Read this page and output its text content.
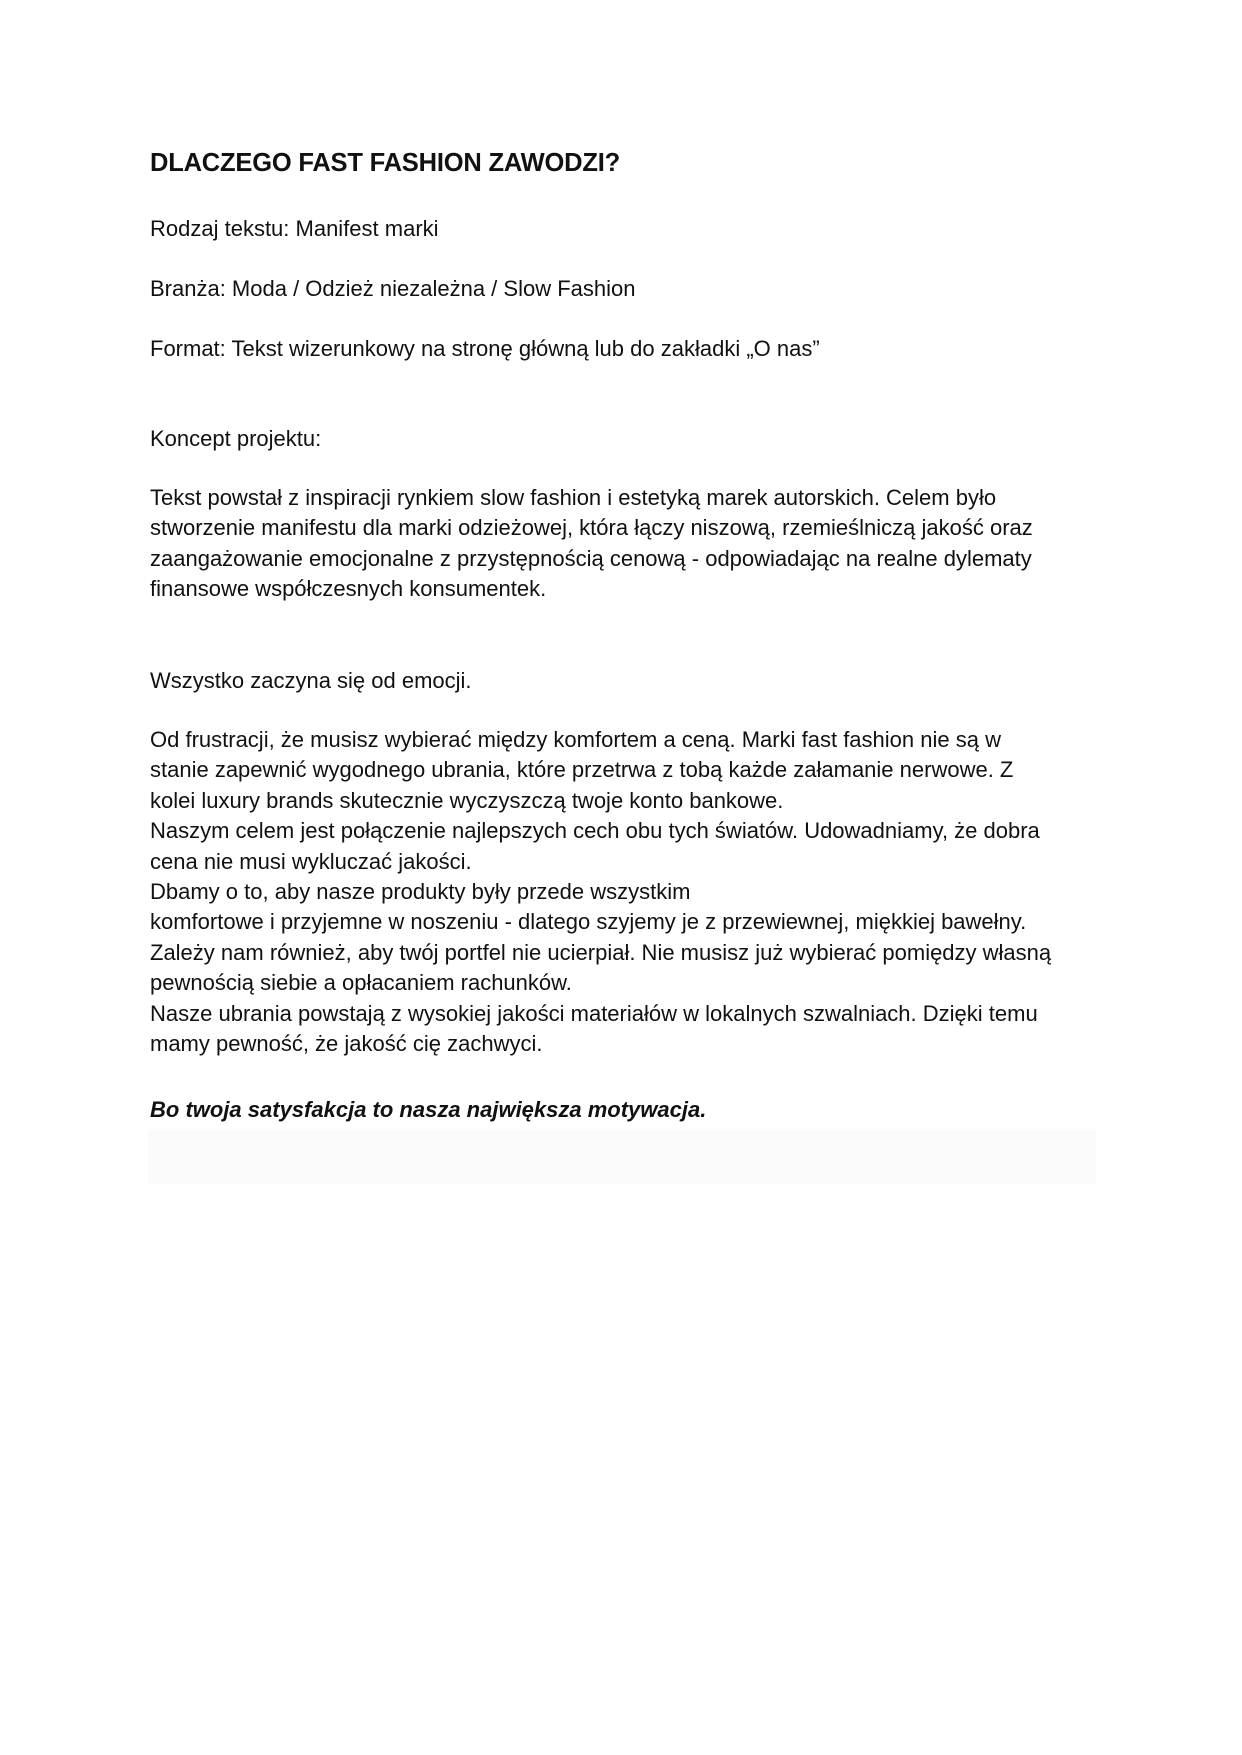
DLACZEGO FAST FASHION ZAWODZI?

Rodzaj tekstu: Manifest marki

Branża: Moda / Odzież niezależna / Slow Fashion

Format: Tekst wizerunkowy na stronę główną lub do zakładki „O nas”

Koncept projektu:

Tekst powstał z inspiracji rynkiem slow fashion i estetyką marek autorskich. Celem było
stworzenie manifestu dla marki odzieżowej, która łączy niszową, rzemieślniczą jakość oraz
zaangażowanie emocjonalne z przystępnością cenową - odpowiadając na realne dylematy
finansowe współczesnych konsumentek.

Wszystko zaczyna się od emocji.

Od frustracji, że musisz wybierać między komfortem a ceną. Marki fast fashion nie są w
stanie zapewnić wygodnego ubrania, które przetrwa z tobą każde załamanie nerwowe. Z
kolei luxury brands skutecznie wyczyszczą twoje konto bankowe.
Naszym celem jest połączenie najlepszych cech obu tych światów. Udowadniamy, że dobra
cena nie musi wykluczać jakości.
Dbamy o to, aby nasze produkty były przede wszystkim
komfortowe i przyjemne w noszeniu - dlatego szyjemy je z przewiewnej, miękkiej bawełny.
Zależy nam również, aby twój portfel nie ucierpiał. Nie musisz już wybierać pomiędzy własną
pewnością siebie a opłacaniem rachunków.
Nasze ubrania powstają z wysokiej jakości materiałów w lokalnych szwalniach. Dzięki temu
mamy pewność, że jakość cię zachwyci.

Bo twoja satysfakcja to nasza największa motywacja.
